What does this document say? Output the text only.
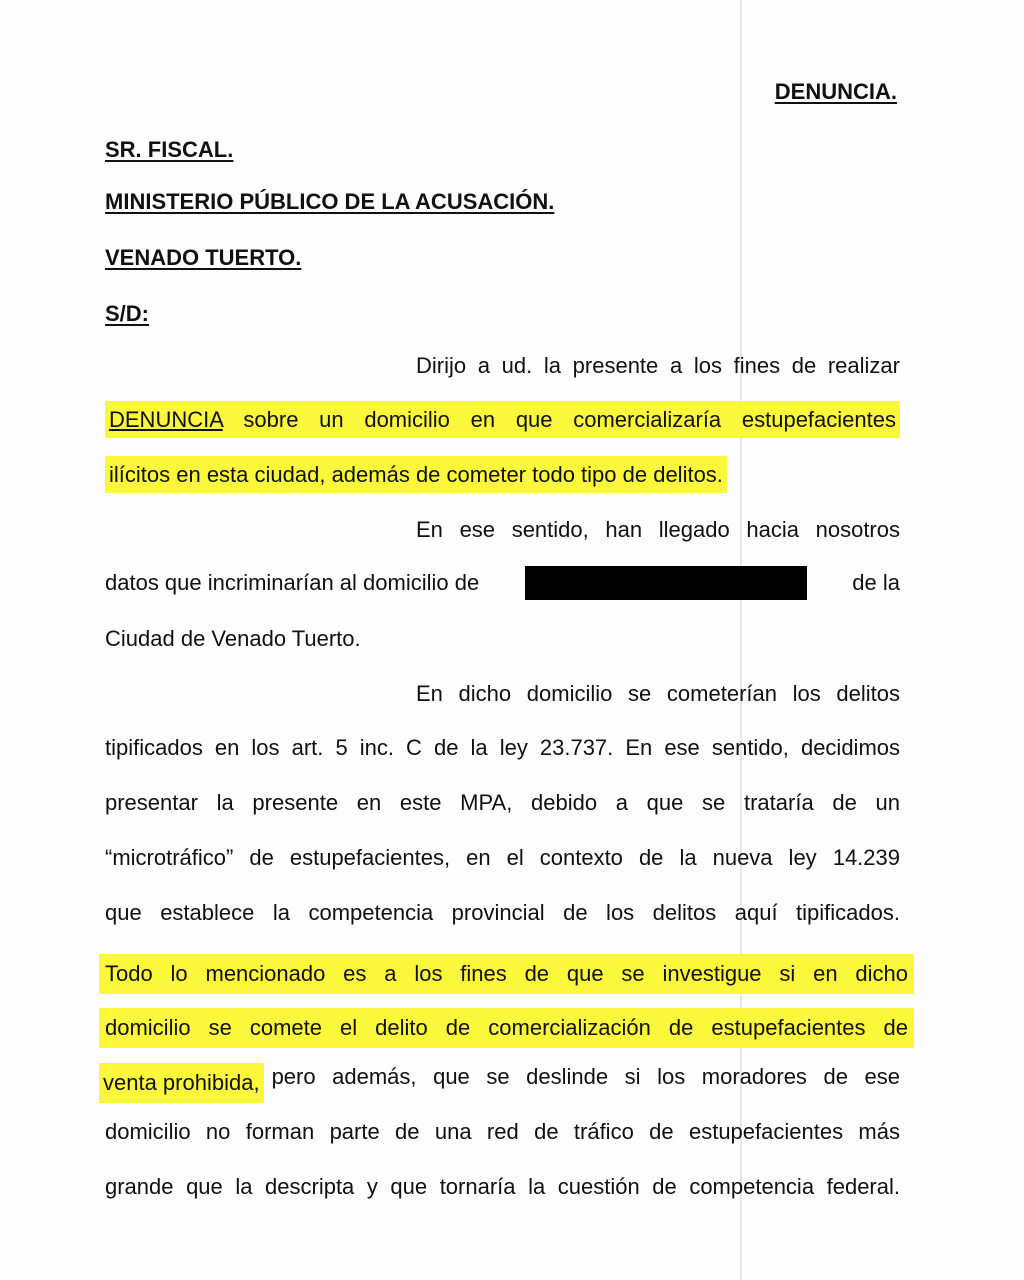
DENUNCIA.
SR. FISCAL.
MINISTERIO PÚBLICO DE LA ACUSACIÓN.
VENADO TUERTO.
S/D:
Dirijo a ud. la presente a los fines de realizar
DENUNCIA sobre un domicilio en que comercializaría estupefacientes
ilícitos en esta ciudad, además de cometer todo tipo de delitos.
En ese sentido, han llegado hacia nosotros
datos que incriminarían al domicilio de	de la
Ciudad de Venado Tuerto.
En dicho domicilio se cometerían los delitos
tipificados en los art. 5 inc. C de la ley 23.737. En ese sentido, decidimos
presentar la presente en este MPA, debido a que se trataría de un
“microtráfico” de estupefacientes, en el contexto de la nueva ley 14.239
que establece la competencia provincial de los delitos aquí tipificados.
Todo lo mencionado es a los fines de que se investigue si en dicho
domicilio se comete el delito de comercialización de estupefacientes de
venta prohibida, pero además, que se deslinde si los moradores de ese
domicilio no forman parte de una red de tráfico de estupefacientes más
grande que la descripta y que tornaría la cuestión de competencia federal.
